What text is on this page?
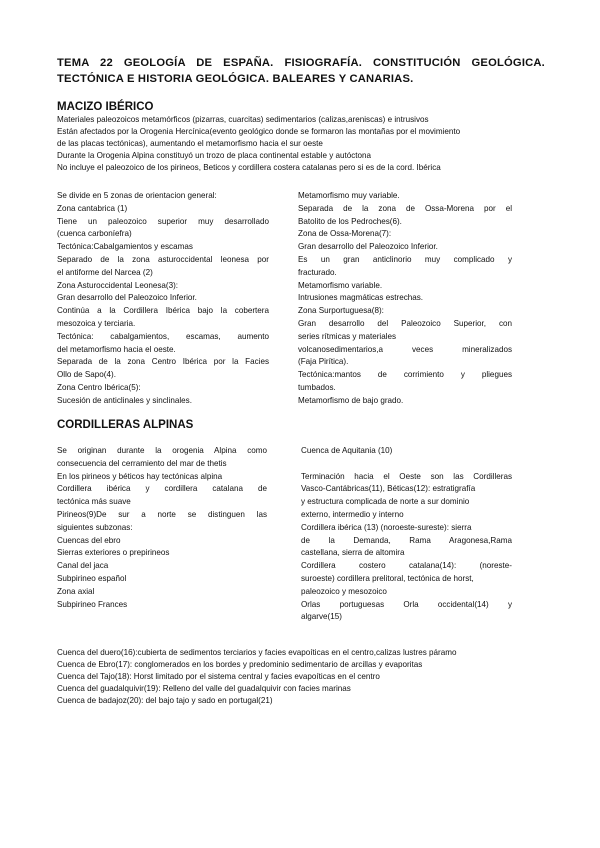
TEMA 22 GEOLOGÍA DE ESPAÑA. FISIOGRAFÍA. CONSTITUCIÓN GEOLÓGICA. TECTÓNICA E HISTORIA GEOLÓGICA. BALEARES Y CANARIAS.
MACIZO IBÉRICO
Materiales paleozoicos metamórficos (pizarras, cuarcitas) sedimentarios (calizas,areniscas) e intrusivos
Están afectados por la Orogenia Hercínica(evento geológico donde se formaron las montañas por el movimiento
de las placas tectónicas), aumentando el metamorfismo hacia el sur oeste
Durante la Orogenia Alpina constituyó un trozo de placa continental estable y autóctona
No incluye el paleozoico de los pirineos, Beticos y cordillera costera catalanas pero si es de la cord. Ibérica
Se divide en 5 zonas de orientacion general:
Zona cantabrica (1)
Tiene un paleozoico superior muy desarrollado
(cuenca carboníefra)
Tectónica:Cabalgamientos y escamas
Separado de la zona asturoccidental leonesa por
el antiforme del Narcea (2)
Zona Asturoccidental Leonesa(3):
Gran desarrollo del Paleozoico Inferior.
Continúa a la Cordillera Ibérica bajo la cobertera
mesozoica y terciaria.
Tectónica: cabalgamientos, escamas, aumento
del metamorfismo hacia el oeste.
Separada de la zona Centro Ibérica por la Facies
Ollo de Sapo(4).
Zona Centro Ibérica(5):
Sucesión de anticlinales y sinclinales.
Metamorfismo muy variable.
Separada de la zona de Ossa-Morena por el
Batolito de los Pedroches(6).
Zona de Ossa-Morena(7):
Gran desarrollo del Paleozoico Inferior.
Es un gran anticlinorio muy complicado y
fracturado.
Metamorfismo variable.
Intrusiones magmáticas estrechas.
Zona Surportuguesa(8):
Gran desarrollo del Paleozoico Superior, con
series rítmicas y materiales
volcanosedimentarios,a veces mineralizados
(Faja Pirítica).
Tectónica:mantos de corrimiento y pliegues
tumbados.
Metamorfismo de bajo grado.
CORDILLERAS ALPINAS
Se originan durante la orogenia Alpina como
consecuencia del cerramiento del mar de thetis
En los pirineos y béticos hay tectónicas alpina
Cordillera ibérica y cordillera catalana de
tectónica más suave
Pirineos(9)De sur a norte se distinguen las
siguientes subzonas:
Cuencas del ebro
Sierras exteriores o prepirineos
Canal del jaca
Subpirineo español
Zona axial
Subpirineo Frances
Cuenca de Aquitania (10)

Terminación hacia el Oeste son las Cordilleras
Vasco-Cantábricas(11), Béticas(12): estratigrafía
y estructura complicada de norte a sur dominio
externo, intermedio y interno
Cordillera ibérica (13) (noroeste-sureste): sierra
de la Demanda, Rama Aragonesa,Rama
castellana, sierra de altomira
Cordillera costero catalana(14): (noreste-
suroeste) cordillera prelitoral, tectónica de horst,
paleozoico y mesozoico
Orlas portuguesas Orla occidental(14) y
algarve(15)
Cuenca del duero(16):cubierta de sedimentos terciarios y facies evapoíticas en el centro,calizas lustres páramo
Cuenca de Ebro(17): conglomerados en los bordes y predominio sedimentario de arcillas y evaporitas
Cuenca del Tajo(18): Horst limitado por el sistema central y facies evapoíticas en el centro
Cuenca del guadalquivir(19): Relleno del valle del guadalquivir con facies marinas
Cuenca de badajoz(20): del bajo tajo y sado en portugal(21)
